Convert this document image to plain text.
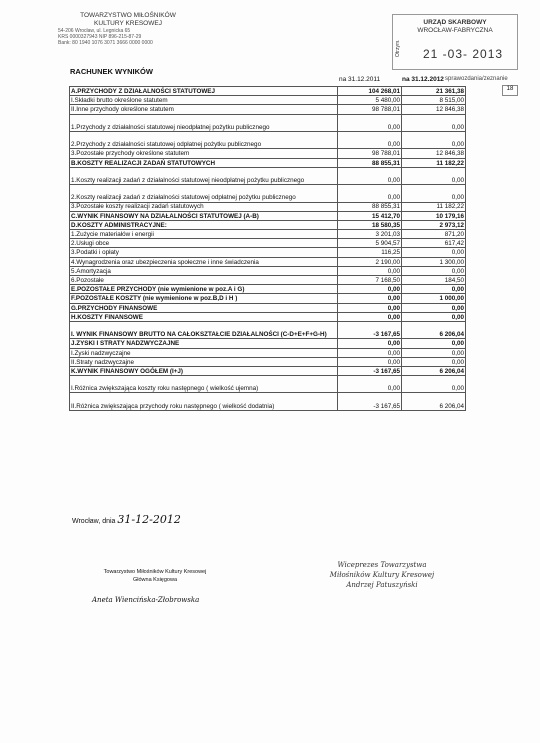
TOWARZYSTWO MIŁOŚNIKÓW
KULTURY KRESOWEJ
54-206 Wrocław, ul. Legnicka 65
KRS 0000327943 NIP 896-215-87-29
Bank: 80 1940 1076 3071 3666 0000 0000
URZĄD SKARBOWY
WROCŁAW-FABRYCZNA
21 -03- 2013
Otrzym.
RACHUNEK WYNIKÓW
na 31.12.2011	na 31.12.2012 sprawozdania/zeznanie
18
A.PRZYCHODY Z DZIAŁALNOŚCI STATUTOWEJ	104 268,01	21 361,38
I.Składki brutto określone statutem	5 480,00	8 515,00
II.Inne przychody określone statutem	98 788,01	12 846,38
1.Przychody z działalności statutowej nieodpłatnej pożytku publicznego	0,00	0,00
2.Przychody z działalności statutowej odpłatnej pożytku publicznego	0,00	0,00
3.Pozostałe przychody określone statutem	98 788,01	12 846,38
B.KOSZTY REALIZACJI ZADAŃ STATUTOWYCH	88 855,31	11 182,22
1.Koszty realizacji zadań z działalności statutowej nieodpłatnej pożytku publicznego	0,00	0,00
2.Koszty realizacji zadań z działalności statutowej odpłatnej pożytku publicznego	0,00	0,00
3.Pozostałe koszty realizacji zadań statutowych	88 855,31	11 182,22
C.WYNIK FINANSOWY NA DZIAŁALNOŚCI STATUTOWEJ (A-B)	15 412,70	10 179,16
D.KOSZTY ADMINISTRACYJNE:	18 580,35	2 973,12
1.Zużycie materiałów i energii	3 201,03	871,20
2.Usługi obce	5 904,57	617,42
3.Podatki i opłaty	116,25	0,00
4.Wynagrodzenia oraz ubezpieczenia społeczne i inne świadczenia	2 190,00	1 300,00
5.Amortyzacja	0,00	0,00
6.Pozostałe	7 168,50	184,50
E.POZOSTAŁE PRZYCHODY (nie wymienione w poz.A i G)	0,00	0,00
F.POZOSTAŁE KOSZTY (nie wymienione w poz.B,D i H )	0,00	1 000,00
G.PRZYCHODY FINANSOWE	0,00	0,00
H.KOSZTY FINANSOWE	0,00	0,00
I. WYNIK FINANSOWY BRUTTO NA CAŁOKSZTAŁCIE DZIAŁALNOŚCI (C-D+E+F+G-H)	-3 167,65	6 206,04
J.ZYSKI I STRATY NADZWYCZAJNE	0,00	0,00
I.Zyski nadzwyczajne	0,00	0,00
II.Straty nadzwyczajne	0,00	0,00
K.WYNIK FINANSOWY OGÓŁEM (I+J)	-3 167,65	6 206,04
I.Różnica zwiększająca koszty roku następnego ( wielkość ujemna)	0,00	0,00
II.Różnica zwiększająca przychody roku następnego ( wielkość dodatnia)	-3 167,65	6 206,04
Wrocław, dnia 31-12-2012
Towarzystwo Miłośników Kultury Kresowej
Główna Księgowa
Aneta Wiencińska-Złobrowska
Wiceprezes Towarzystwa
Miłośników Kultury Kresowej
Andrzej Patuszyński
